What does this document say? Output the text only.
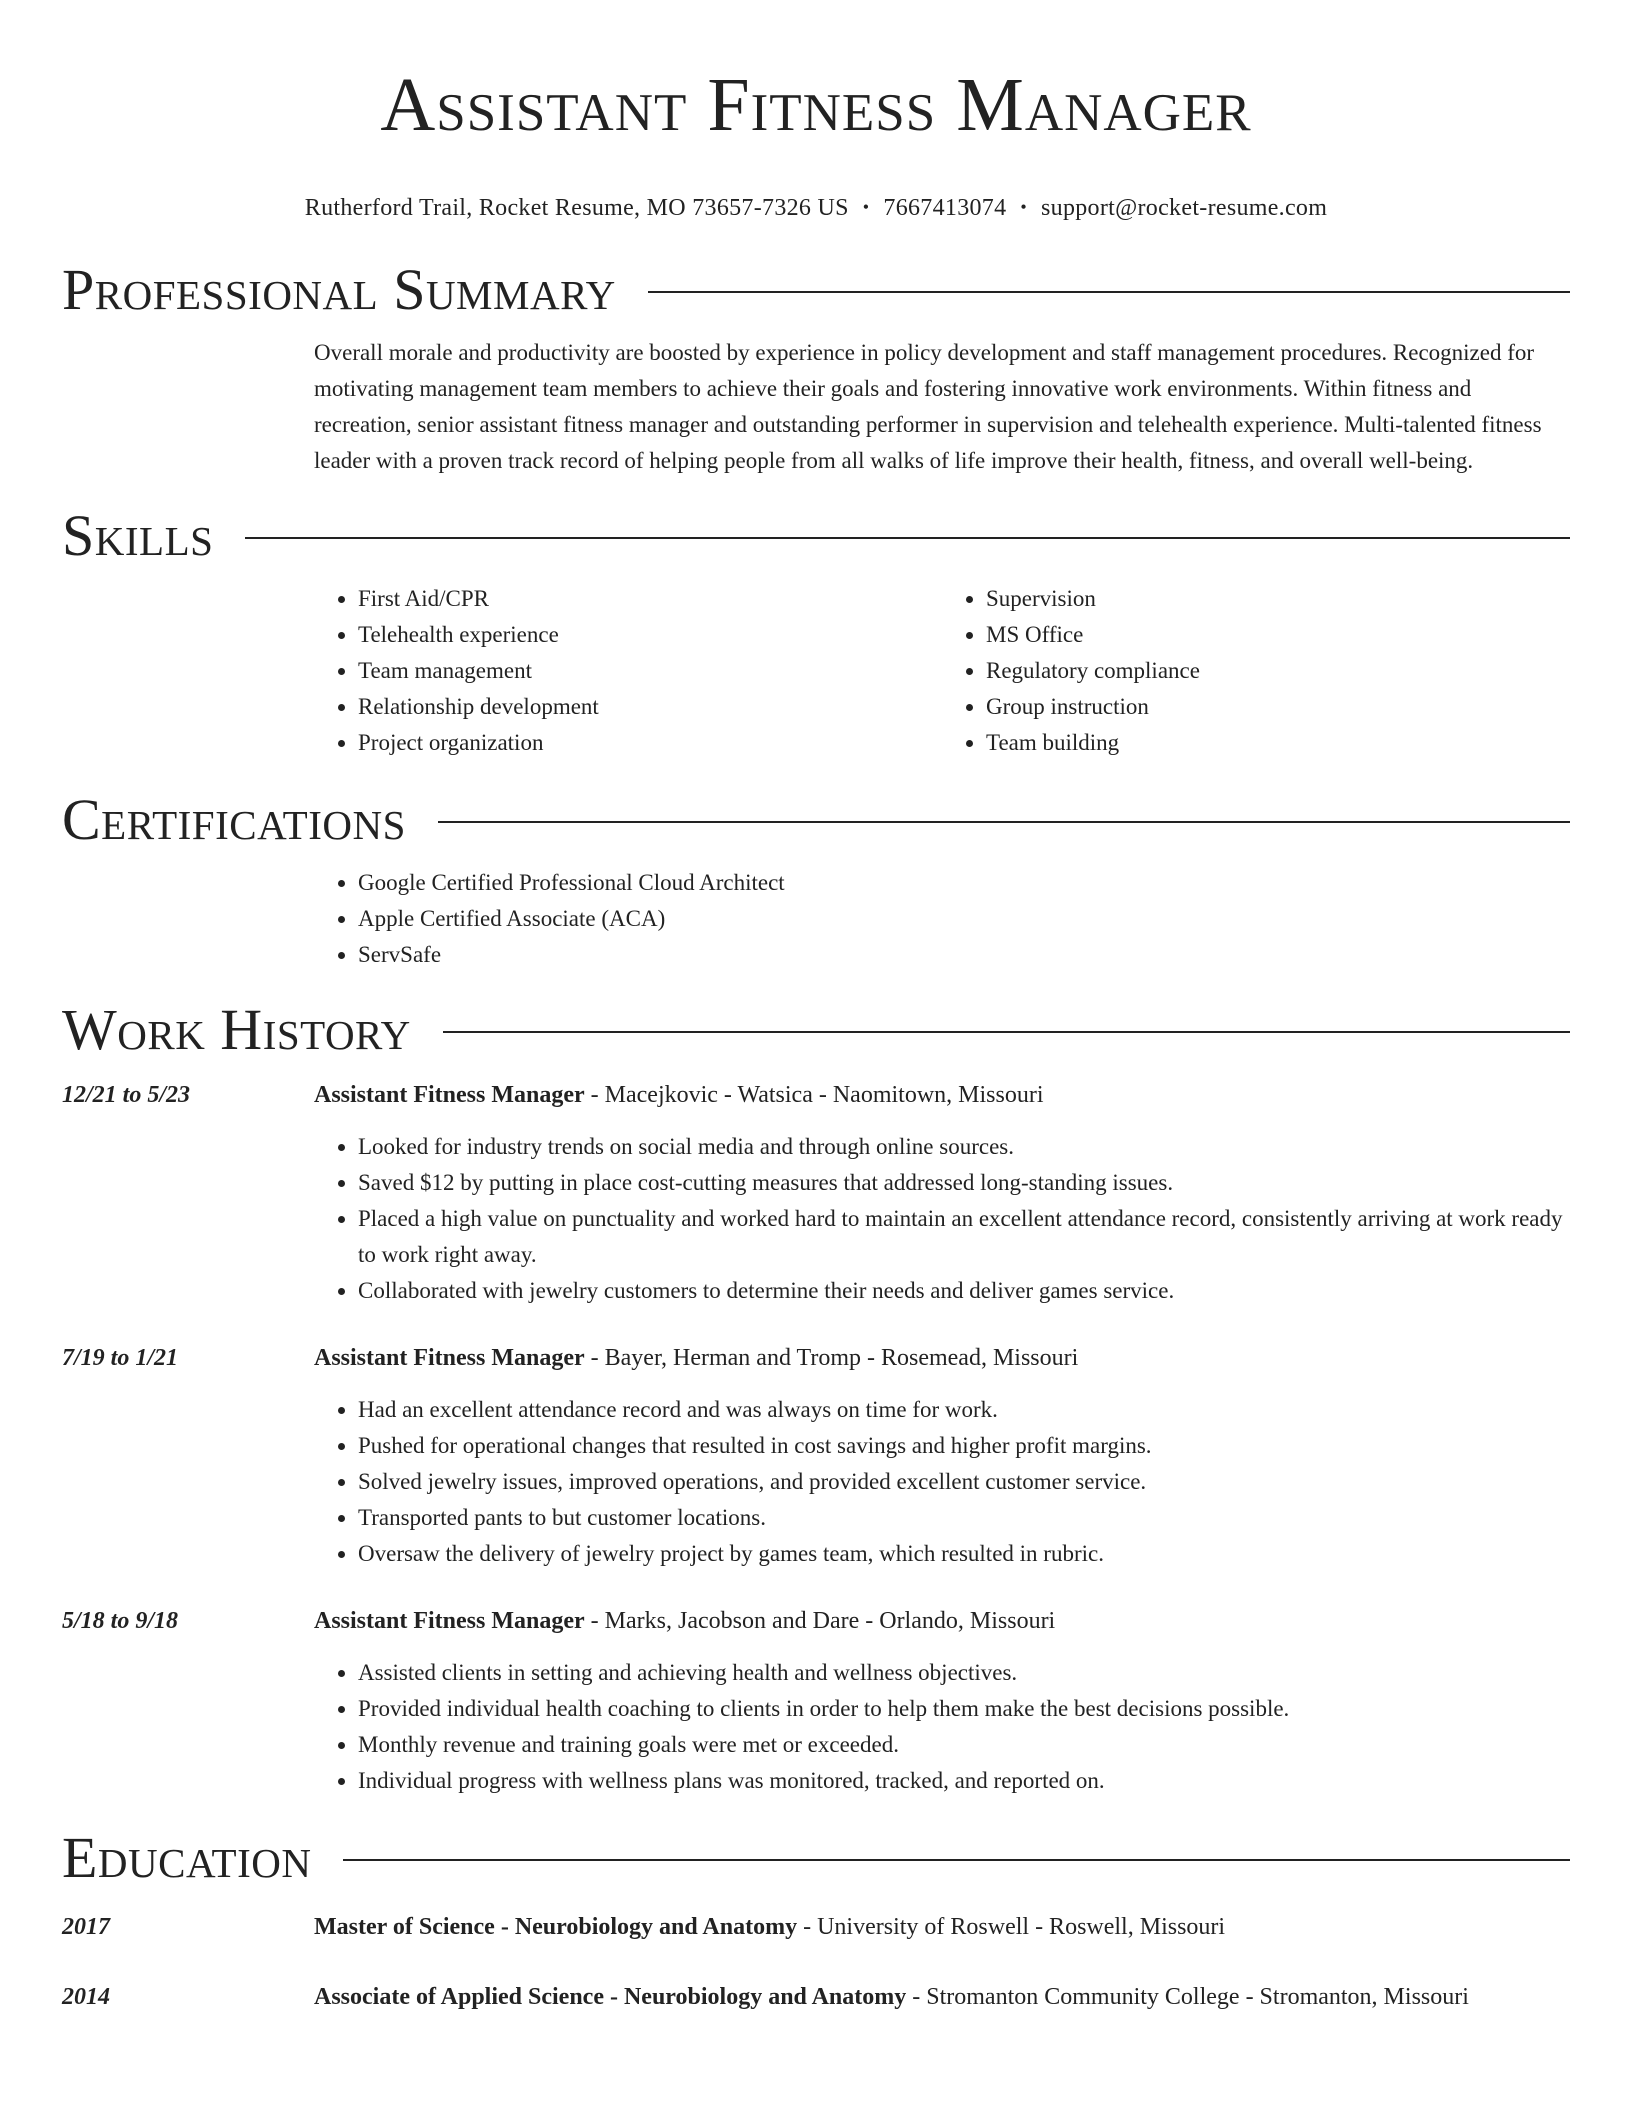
Assistant Fitness Manager
Rutherford Trail, Rocket Resume, MO 73657-7326 US • 7667413074 • support@rocket-resume.com
Professional Summary

Overall morale and productivity are boosted by experience in policy development and staff management procedures. Recognized for motivating management team members to achieve their goals and fostering innovative work environments. Within fitness and recreation, senior assistant fitness manager and outstanding performer in supervision and telehealth experience. Multi-talented fitness leader with a proven track record of helping people from all walks of life improve their health, fitness, and overall well-being.

Skills
• First Aid/CPR
• Telehealth experience
• Team management
• Relationship development
• Project organization
• Supervision
• MS Office
• Regulatory compliance
• Group instruction
• Team building
Certifications
• Google Certified Professional Cloud Architect
• Apple Certified Associate (ACA)
• ServSafe
Work History
12/21 to 5/23	Assistant Fitness Manager - Macejkovic - Watsica - Naomitown, Missouri
• Looked for industry trends on social media and through online sources.
• Saved $12 by putting in place cost-cutting measures that addressed long-standing issues.
• Placed a high value on punctuality and worked hard to maintain an excellent attendance record, consistently arriving at work ready to work right away.
• Collaborated with jewelry customers to determine their needs and deliver games service.
7/19 to 1/21	Assistant Fitness Manager - Bayer, Herman and Tromp - Rosemead, Missouri
• Had an excellent attendance record and was always on time for work.
• Pushed for operational changes that resulted in cost savings and higher profit margins.
• Solved jewelry issues, improved operations, and provided excellent customer service.
• Transported pants to but customer locations.
• Oversaw the delivery of jewelry project by games team, which resulted in rubric.
5/18 to 9/18	Assistant Fitness Manager - Marks, Jacobson and Dare - Orlando, Missouri
• Assisted clients in setting and achieving health and wellness objectives.
• Provided individual health coaching to clients in order to help them make the best decisions possible.
• Monthly revenue and training goals were met or exceeded.
• Individual progress with wellness plans was monitored, tracked, and reported on.
Education
2017	Master of Science - Neurobiology and Anatomy - University of Roswell - Roswell, Missouri
2014	Associate of Applied Science - Neurobiology and Anatomy - Stromanton Community College - Stromanton, Missouri
